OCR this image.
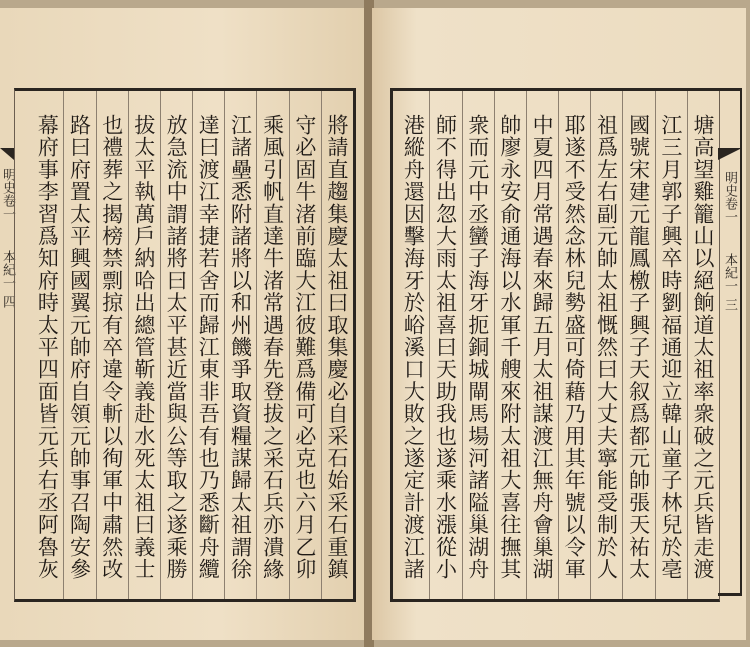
明史卷一
本紀一
四	將請直趨集慶太祖曰取集慶必自采石始采石重鎮
守必固牛渚前臨大江彼難爲備可必克也六月乙卯
乘風引帆直達牛渚常遇春先登拔之采石兵亦潰緣
江諸壘悉附諸將以和州饑爭取資糧謀歸太祖謂徐
達曰渡江幸捷若舍而歸江東非吾有也乃悉斷舟纜
放急流中謂諸將曰太平甚近當與公等取之遂乘勝
拔太平執萬戶納哈出總管靳義赴水死太祖曰義士
也禮葬之揭榜禁剽掠有卒違令斬以徇軍中肅然改
路曰府置太平興國翼元帥府自領元帥事召陶安參
幕府事李習爲知府時太平四面皆元兵右丞阿魯灰	塘高望雞籠山以絕餉道太祖率衆破之元兵皆走渡
江三月郭子興卒時劉福通迎立韓山童子林兒於亳
國號宋建元龍鳳檄子興子天叙爲都元帥張天祐太
祖爲左右副元帥太祖慨然曰大丈夫寧能受制於人
耶遂不受然念林兒勢盛可倚藉乃用其年號以令軍
中夏四月常遇春來歸五月太祖謀渡江無舟會巢湖
帥廖永安俞通海以水軍千艘來附太祖大喜往撫其
衆而元中丞蠻子海牙扼銅城閘馬場河諸隘巢湖舟
師不得出忽大雨太祖喜曰天助我也遂乘水漲從小
港縱舟還因擊海牙於峪溪口大敗之遂定計渡江諸	明史卷一
本紀一
三
